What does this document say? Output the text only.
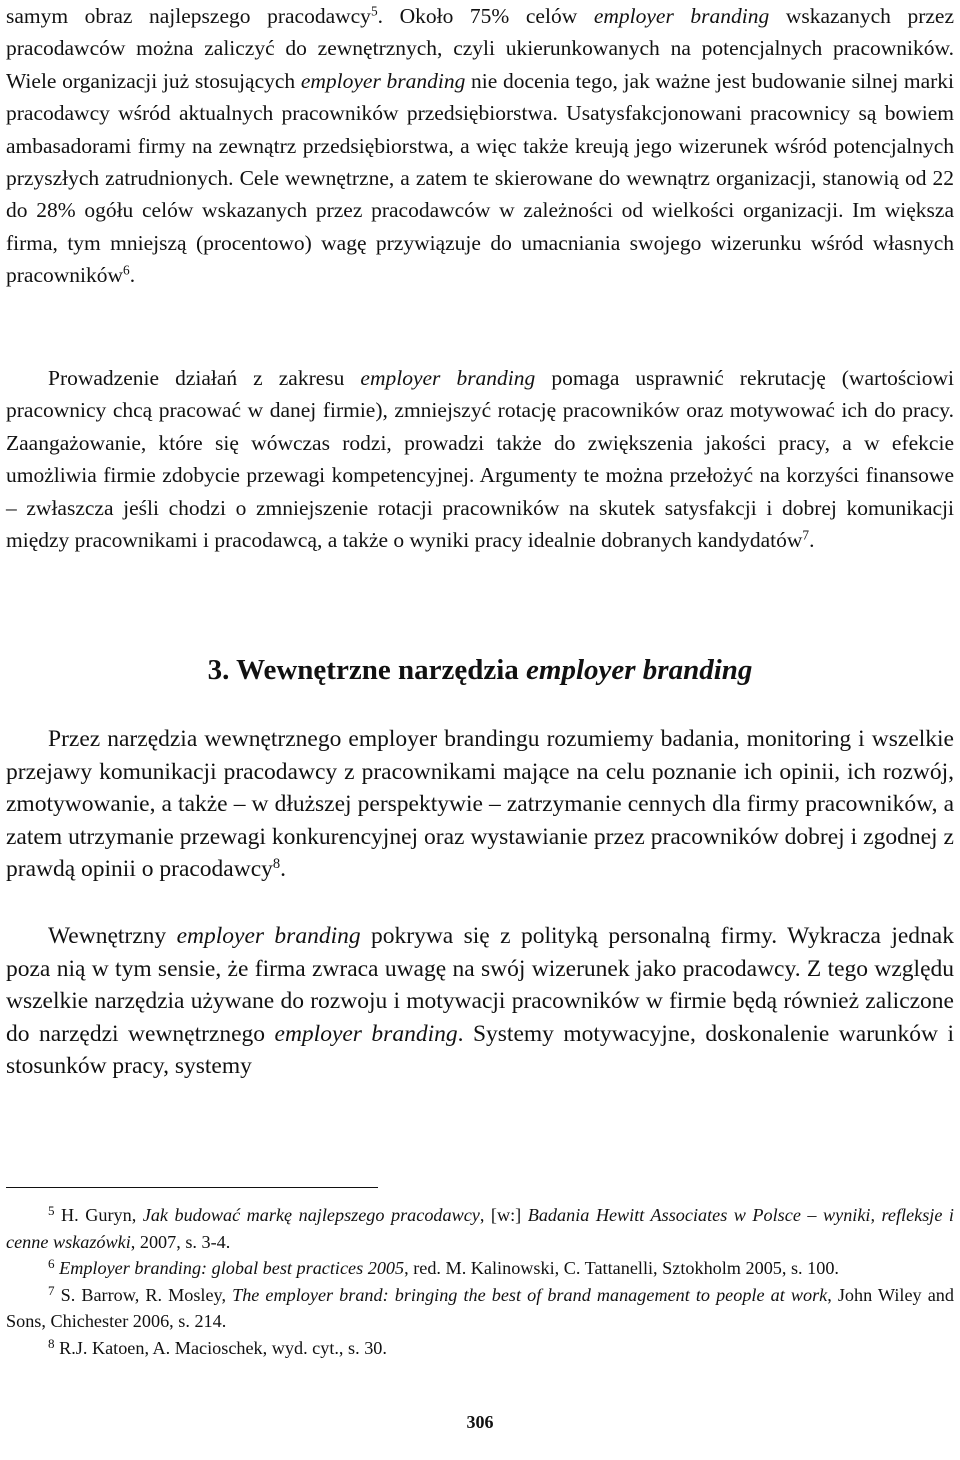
samym obraz najlepszego pracodawcy$^5$. Około 75% celów employer branding wskazanych przez pracodawców można zaliczyć do zewnętrznych, czyli ukierunkowanych na potencjalnych pracowników. Wiele organizacji już stosujących employer branding nie docenia tego, jak ważne jest budowanie silnej marki pracodawcy wśród aktualnych pracowników przedsiębiorstwa. Usatysfakcjonowani pracownicy są bowiem ambasadorami firmy na zewnątrz przedsiębiorstwa, a więc także kreują jego wizerunek wśród potencjalnych przyszłych zatrudnionych. Cele wewnętrzne, a zatem te skierowane do wewnątrz organizacji, stanowią od 22 do 28% ogółu celów wskazanych przez pracodawców w zależności od wielkości organizacji. Im większa firma, tym mniejszą (procentowo) wagę przywiązuje do umacniania swojego wizerunku wśród własnych pracowników$^6$.

Prowadzenie działań z zakresu employer branding pomaga usprawnić rekrutację (wartościowi pracownicy chcą pracować w danej firmie), zmniejszyć rotację pracowników oraz motywować ich do pracy. Zaangażowanie, które się wówczas rodzi, prowadzi także do zwiększenia jakości pracy, a w efekcie umożliwia firmie zdobycie przewagi kompetencyjnej. Argumenty te można przełożyć na korzyści finansowe – zwłaszcza jeśli chodzi o zmniejszenie rotacji pracowników na skutek satysfakcji i dobrej komunikacji między pracownikami i pracodawcą, a także o wyniki pracy idealnie dobranych kandydatów$^7$.

3. Wewnętrzne narzędzia employer branding

Przez narzędzia wewnętrznego employer brandingu rozumiemy badania, monitoring i wszelkie przejawy komunikacji pracodawcy z pracownikami mające na celu poznanie ich opinii, ich rozwój, zmotywowanie, a także – w dłuższej perspektywie – zatrzymanie cennych dla firmy pracowników, a zatem utrzymanie przewagi konkurencyjnej oraz wystawianie przez pracowników dobrej i zgodnej z prawdą opinii o pracodawcy$^8$.

Wewnętrzny employer branding pokrywa się z polityką personalną firmy. Wykracza jednak poza nią w tym sensie, że firma zwraca uwagę na swój wizerunek jako pracodawcy. Z tego względu wszelkie narzędzia używane do rozwoju i motywacji pracowników w firmie będą również zaliczone do narzędzi wewnętrznego employer branding. Systemy motywacyjne, doskonalenie warunków i stosunków pracy, systemy

$^5$ H. Guryn, Jak budować markę najlepszego pracodawcy, [w:] Badania Hewitt Associates w Polsce – wyniki, refleksje i cenne wskazówki, 2007, s. 3-4.

$^6$ Employer branding: global best practices 2005, red. M. Kalinowski, C. Tattanelli, Sztokholm 2005, s. 100.

$^7$ S. Barrow, R. Mosley, The employer brand: bringing the best of brand management to people at work, John Wiley and Sons, Chichester 2006, s. 214.

$^8$ R.J. Katoen, A. Macioschek, wyd. cyt., s. 30.

306
